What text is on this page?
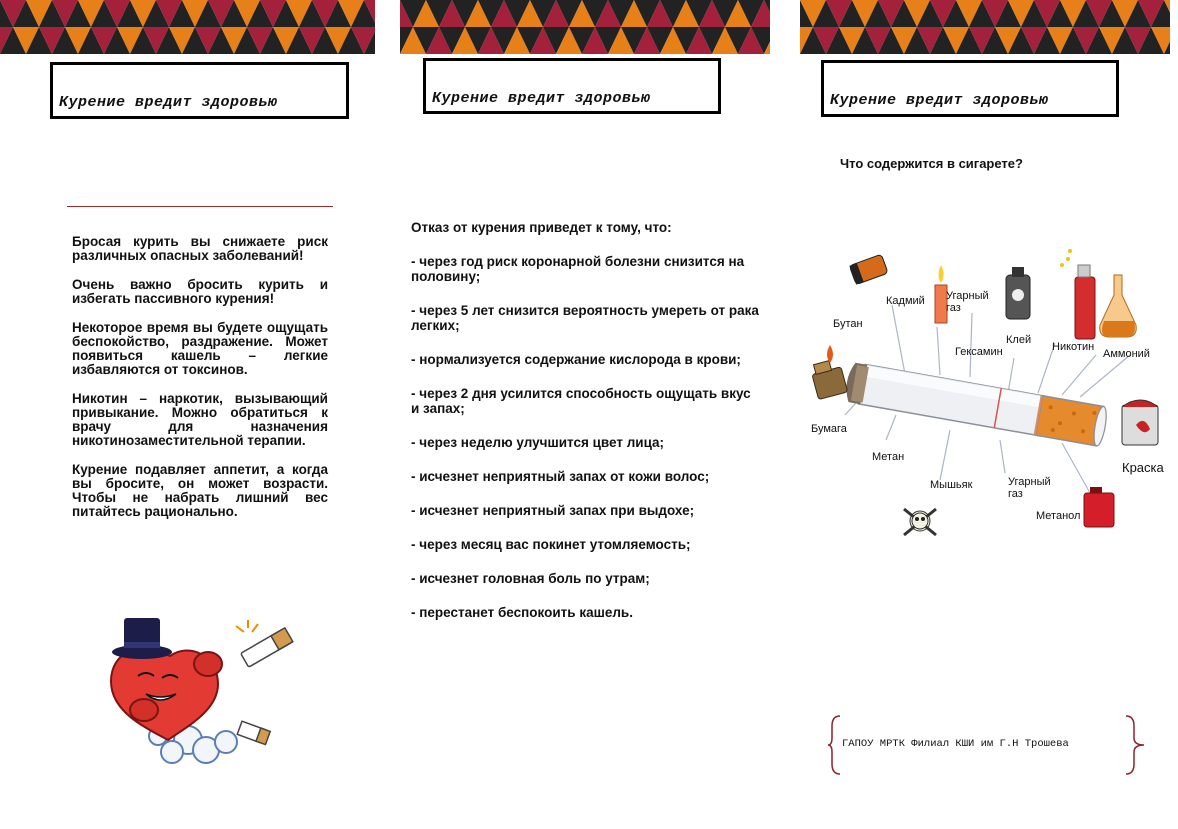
Курение вредит здоровью

Бросая курить вы снижаете риск различных опасных заболеваний!

Очень важно бросить курить и избегать пассивного курения!

Некоторое время вы будете ощущать беспокойство, раздражение. Может появиться кашель – легкие избавляются от токсинов.

Никотин – наркотик, вызывающий привыкание. Можно обратиться к врачу для назначения никотинозаместительной терапии.

Курение подавляет аппетит, а когда вы бросите, он может возрасти. Чтобы не набрать лишний вес питайтесь рационально.

Курение вредит здоровью

Отказ от курения приведет к тому, что:

- через год риск коронарной болезни снизится на половину;

- через 5 лет снизится вероятность умереть от рака легких;

- нормализуется содержание кислорода в крови;

- через 2 дня усилится способность ощущать вкус и запах;

- через неделю улучшится цвет лица;

- исчезнет неприятный запах от кожи волос;

- исчезнет неприятный запах при выдохе;

- через месяц вас покинет утомляемость;

- исчезнет головная боль по утрам;

- перестанет беспокоить кашель.

Курение вредит здоровью
Что содержится в сигарете?
Кадмий
Бутан
Угарный газ
Гексамин
Клей
Никотин
Аммоний
Бумага
Метан
Мышьяк	Угарный газ
Метанол
Краска
ГАПОУ МРТК Филиал КШИ им Г.Н Трошева
